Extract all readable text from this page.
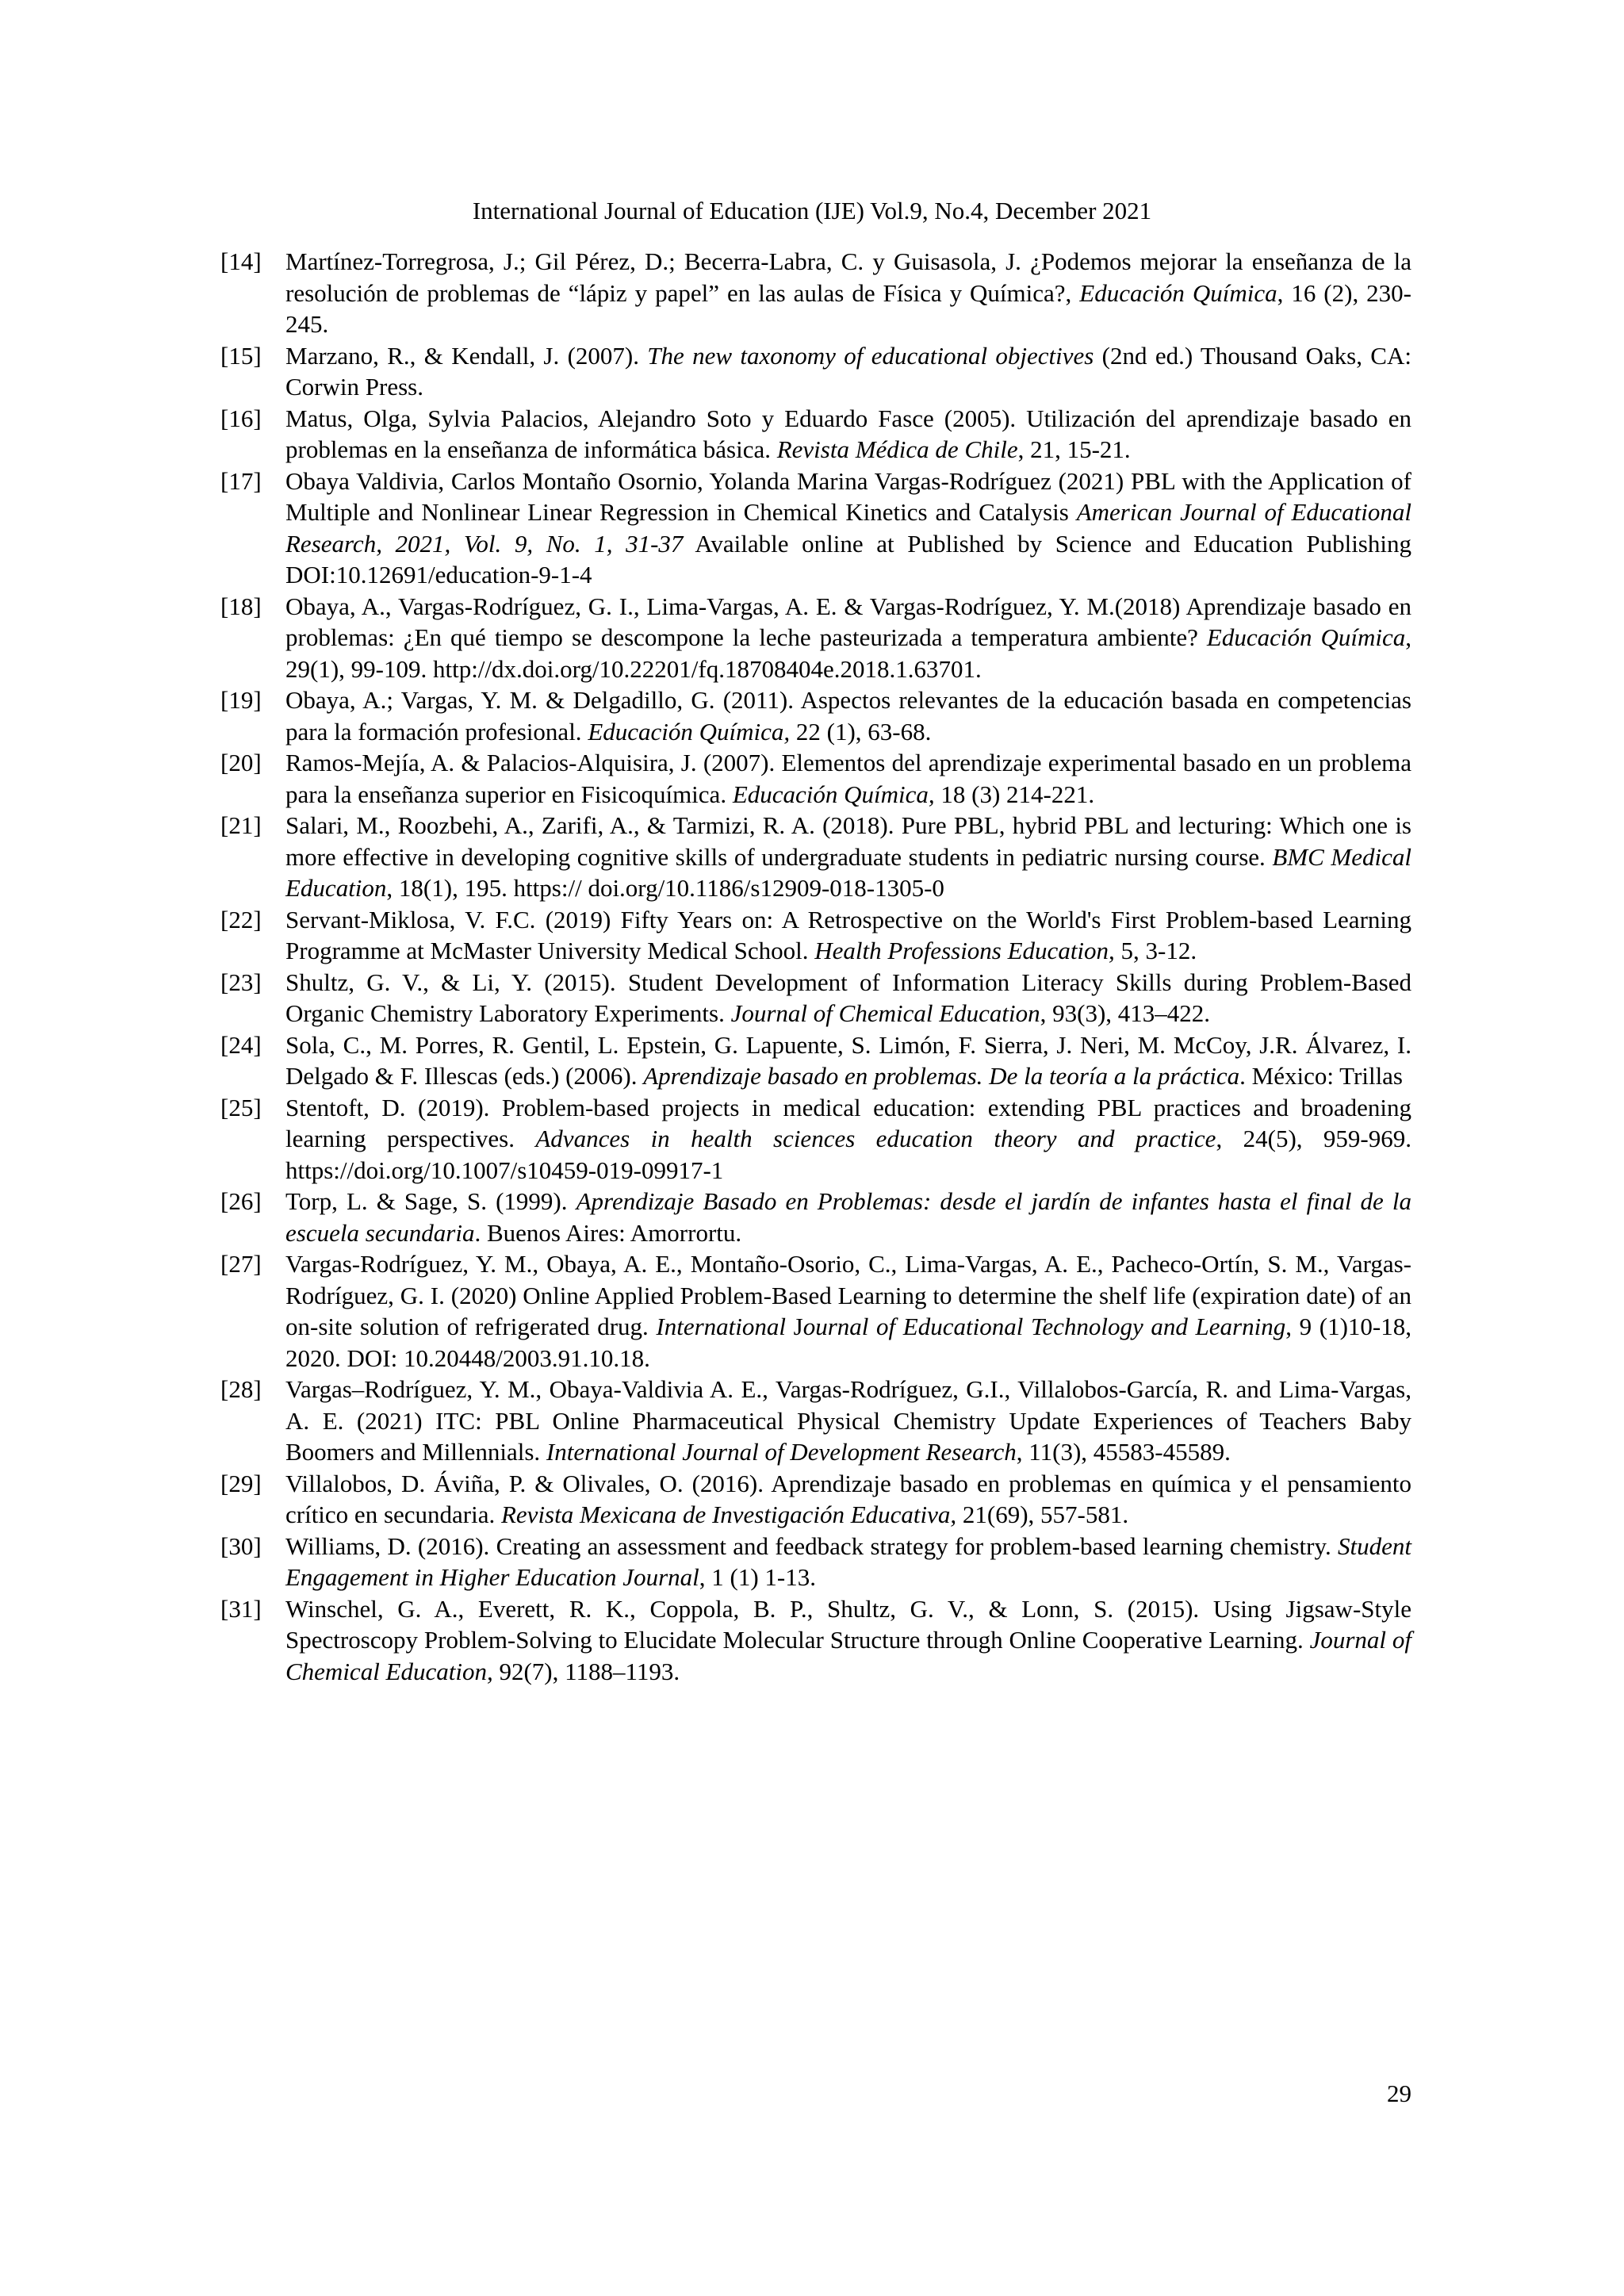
International Journal of Education (IJE) Vol.9, No.4, December 2021
[14] Martínez-Torregrosa, J.; Gil Pérez, D.; Becerra-Labra, C. y Guisasola, J. ¿Podemos mejorar la enseñanza de la resolución de problemas de “lápiz y papel” en las aulas de Física y Química?, Educación Química, 16 (2), 230-245.
[15] Marzano, R., & Kendall, J. (2007). The new taxonomy of educational objectives (2nd ed.) Thousand Oaks, CA: Corwin Press.
[16] Matus, Olga, Sylvia Palacios, Alejandro Soto y Eduardo Fasce (2005). Utilización del aprendizaje basado en problemas en la enseñanza de informática básica. Revista Médica de Chile, 21, 15-21.
[17] Obaya Valdivia, Carlos Montaño Osornio, Yolanda Marina Vargas-Rodríguez (2021) PBL with the Application of Multiple and Nonlinear Linear Regression in Chemical Kinetics and Catalysis American Journal of Educational Research, 2021, Vol. 9, No. 1, 31-37 Available online at Published by Science and Education Publishing DOI:10.12691/education-9-1-4
[18] Obaya, A., Vargas-Rodríguez, G. I., Lima-Vargas, A. E. & Vargas-Rodríguez, Y. M.(2018) Aprendizaje basado en problemas: ¿En qué tiempo se descompone la leche pasteurizada a temperatura ambiente? Educación Química, 29(1), 99-109. http://dx.doi.org/10.22201/fq.18708404e.2018.1.63701.
[19] Obaya, A.; Vargas, Y. M. & Delgadillo, G. (2011). Aspectos relevantes de la educación basada en competencias para la formación profesional. Educación Química, 22 (1), 63-68.
[20] Ramos-Mejía, A. & Palacios-Alquisira, J. (2007). Elementos del aprendizaje experimental basado en un problema para la enseñanza superior en Fisicoquímica. Educación Química, 18 (3) 214-221.
[21] Salari, M., Roozbehi, A., Zarifi, A., & Tarmizi, R. A. (2018). Pure PBL, hybrid PBL and lecturing: Which one is more effective in developing cognitive skills of undergraduate students in pediatric nursing course. BMC Medical Education, 18(1), 195. https:// doi.org/10.1186/s12909-018-1305-0
[22] Servant-Miklosa, V. F.C. (2019) Fifty Years on: A Retrospective on the World's First Problem-based Learning Programme at McMaster University Medical School. Health Professions Education, 5, 3-12.
[23] Shultz, G. V., & Li, Y. (2015). Student Development of Information Literacy Skills during Problem-Based Organic Chemistry Laboratory Experiments. Journal of Chemical Education, 93(3), 413–422.
[24] Sola, C., M. Porres, R. Gentil, L. Epstein, G. Lapuente, S. Limón, F. Sierra, J. Neri, M. McCoy, J.R. Álvarez, I. Delgado & F. Illescas (eds.) (2006). Aprendizaje basado en problemas. De la teoría a la práctica. México: Trillas
[25] Stentoft, D. (2019). Problem-based projects in medical education: extending PBL practices and broadening learning perspectives. Advances in health sciences education theory and practice, 24(5), 959-969. https://doi.org/10.1007/s10459-019-09917-1
[26] Torp, L. & Sage, S. (1999). Aprendizaje Basado en Problemas: desde el jardín de infantes hasta el final de la escuela secundaria. Buenos Aires: Amorrortu.
[27] Vargas-Rodríguez, Y. M., Obaya, A. E., Montaño-Osorio, C., Lima-Vargas, A. E., Pacheco-Ortín, S. M., Vargas-Rodríguez, G. I. (2020) Online Applied Problem-Based Learning to determine the shelf life (expiration date) of an on-site solution of refrigerated drug. International Journal of Educational Technology and Learning, 9 (1)10-18, 2020. DOI: 10.20448/2003.91.10.18.
[28] Vargas–Rodríguez, Y. M., Obaya-Valdivia A. E., Vargas-Rodríguez, G.I., Villalobos-García, R. and Lima-Vargas, A. E. (2021) ITC: PBL Online Pharmaceutical Physical Chemistry Update Experiences of Teachers Baby Boomers and Millennials. International Journal of Development Research, 11(3), 45583-45589.
[29] Villalobos, D. Áviña, P. & Olivales, O. (2016). Aprendizaje basado en problemas en química y el pensamiento crítico en secundaria. Revista Mexicana de Investigación Educativa, 21(69), 557-581.
[30] Williams, D. (2016). Creating an assessment and feedback strategy for problem-based learning chemistry. Student Engagement in Higher Education Journal, 1 (1) 1-13.
[31] Winschel, G. A., Everett, R. K., Coppola, B. P., Shultz, G. V., & Lonn, S. (2015). Using Jigsaw-Style Spectroscopy Problem-Solving to Elucidate Molecular Structure through Online Cooperative Learning. Journal of Chemical Education, 92(7), 1188–1193.
29
